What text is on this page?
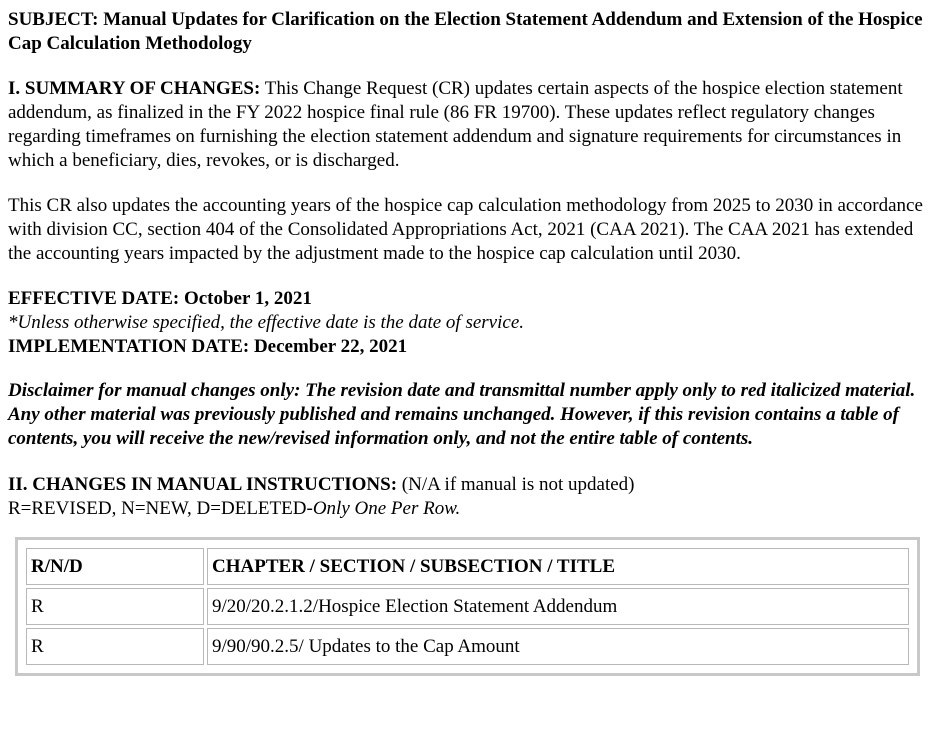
SUBJECT: Manual Updates for Clarification on the Election Statement Addendum and Extension of the Hospice Cap Calculation Methodology

I. SUMMARY OF CHANGES: This Change Request (CR) updates certain aspects of the hospice election statement addendum, as finalized in the FY 2022 hospice final rule (86 FR 19700). These updates reflect regulatory changes regarding timeframes on furnishing the election statement addendum and signature requirements for circumstances in which a beneficiary, dies, revokes, or is discharged.

This CR also updates the accounting years of the hospice cap calculation methodology from 2025 to 2030 in accordance with division CC, section 404 of the Consolidated Appropriations Act, 2021 (CAA 2021). The CAA 2021 has extended the accounting years impacted by the adjustment made to the hospice cap calculation until 2030.

EFFECTIVE DATE: October 1, 2021

*Unless otherwise specified, the effective date is the date of service.

IMPLEMENTATION DATE: December 22, 2021

Disclaimer for manual changes only: The revision date and transmittal number apply only to red italicized material. Any other material was previously published and remains unchanged. However, if this revision contains a table of contents, you will receive the new/revised information only, and not the entire table of contents.

II. CHANGES IN MANUAL INSTRUCTIONS: (N/A if manual is not updated)

R=REVISED, N=NEW, D=DELETED-Only One Per Row.

R/N/D	CHAPTER / SECTION / SUBSECTION / TITLE
R	9/20/20.2.1.2/Hospice Election Statement Addendum
R	9/90/90.2.5/ Updates to the Cap Amount
